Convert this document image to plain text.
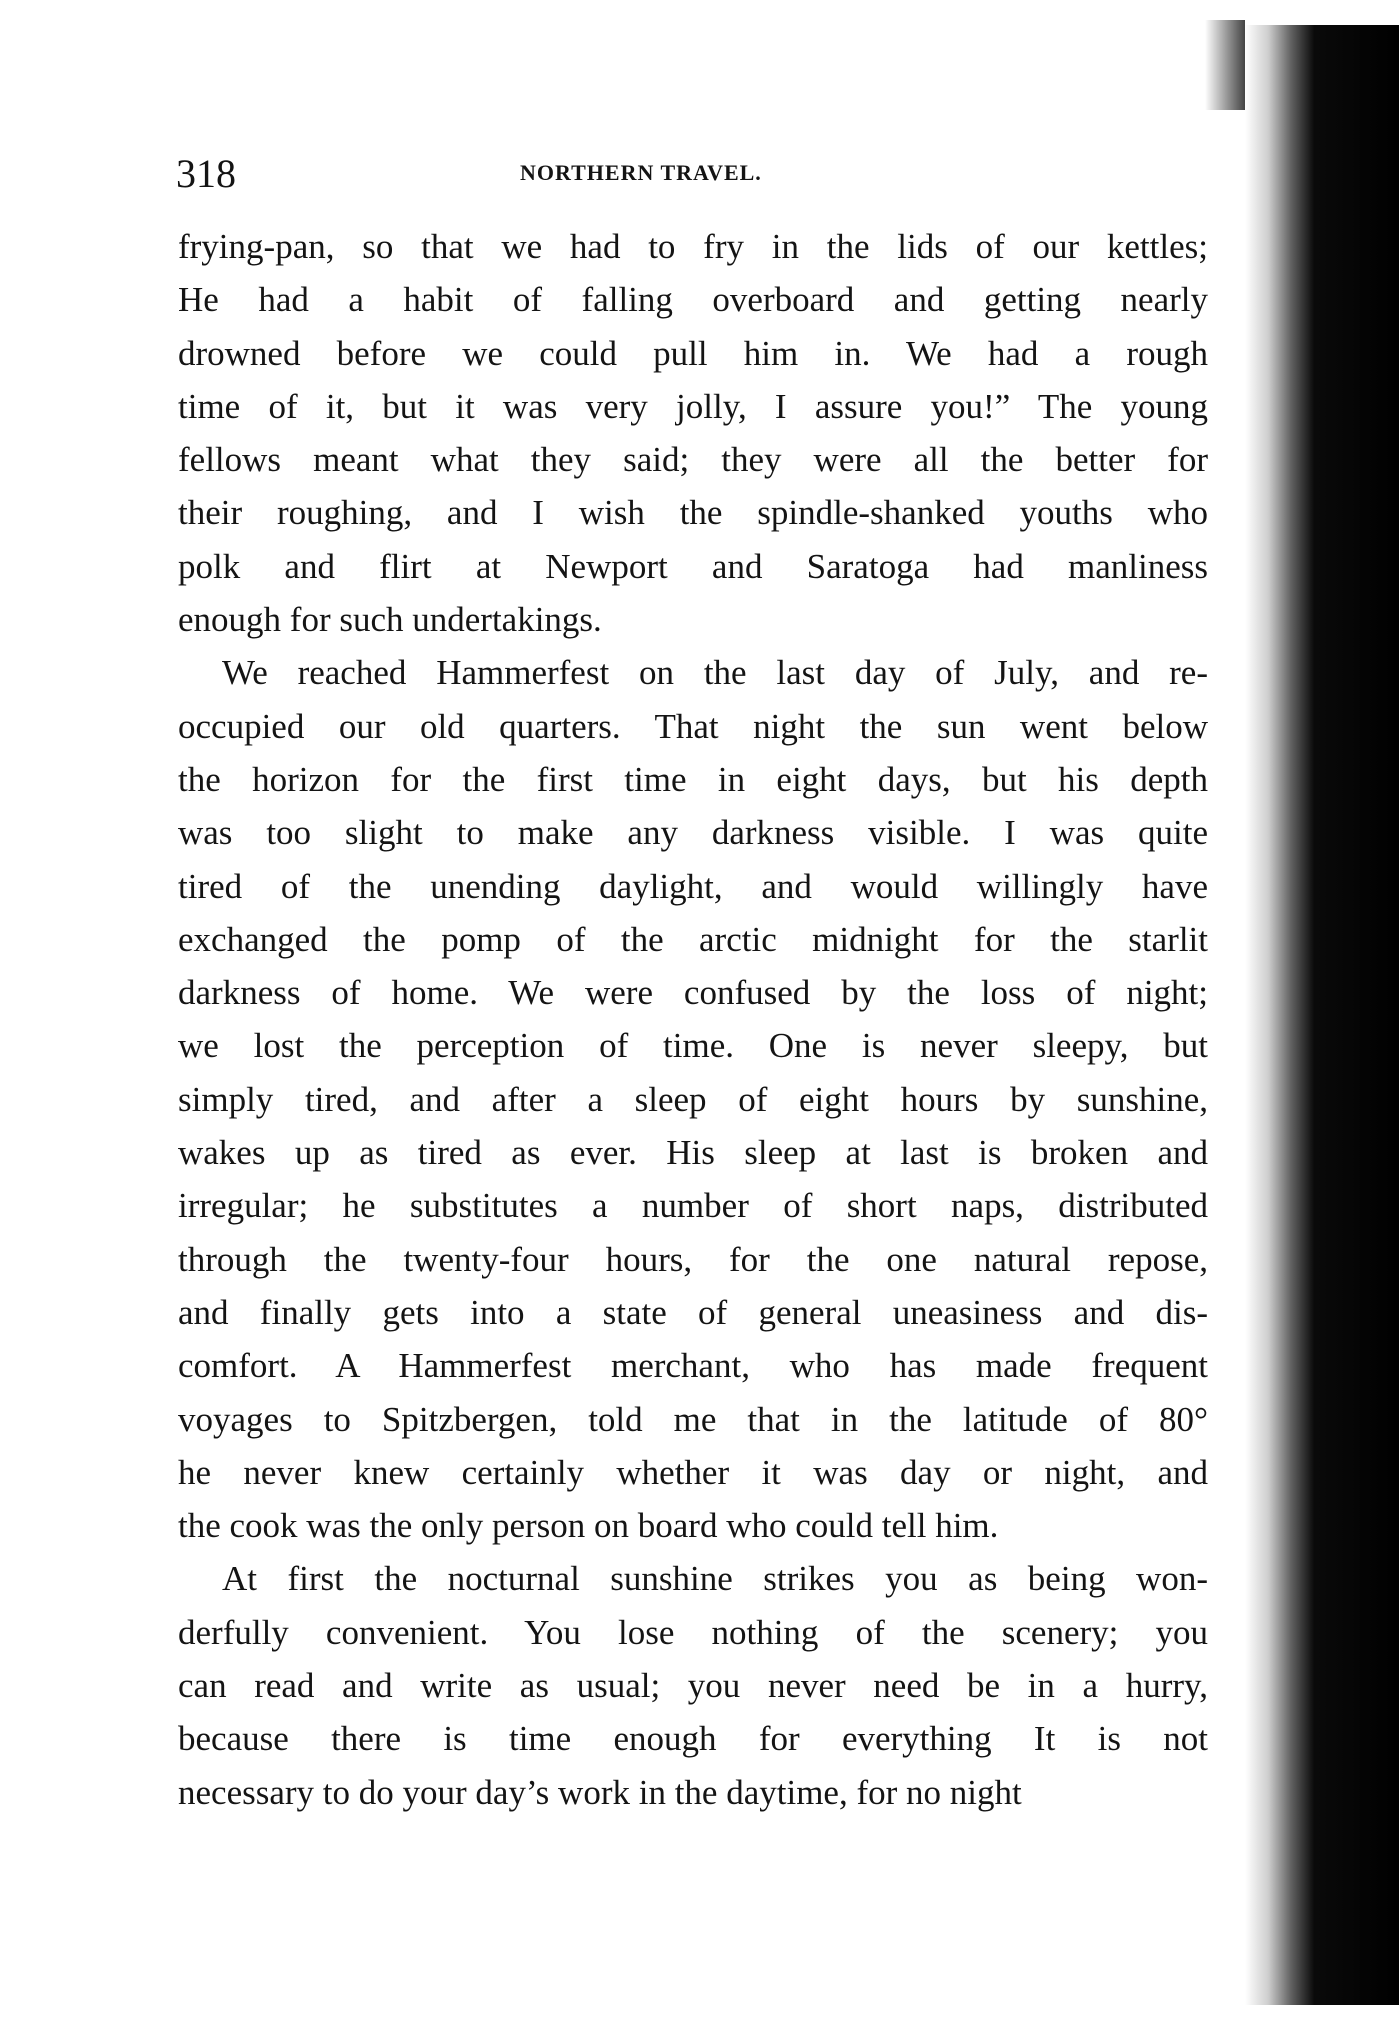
318	NORTHERN TRAVEL.
frying-pan, so that we had to fry in the lids of our kettles;
He had a habit of falling overboard and getting nearly
drowned before we could pull him in. We had a rough
time of it, but it was very jolly, I assure you!” The young
fellows meant what they said; they were all the better for
their roughing, and I wish the spindle-shanked youths who
polk and flirt at Newport and Saratoga had manliness
enough for such undertakings.
We reached Hammerfest on the last day of July, and re-
occupied our old quarters. That night the sun went below
the horizon for the first time in eight days, but his depth
was too slight to make any darkness visible. I was quite
tired of the unending daylight, and would willingly have
exchanged the pomp of the arctic midnight for the starlit
darkness of home. We were confused by the loss of night;
we lost the perception of time. One is never sleepy, but
simply tired, and after a sleep of eight hours by sunshine,
wakes up as tired as ever. His sleep at last is broken and
irregular; he substitutes a number of short naps, distributed
through the twenty-four hours, for the one natural repose,
and finally gets into a state of general uneasiness and dis-
comfort. A Hammerfest merchant, who has made frequent
voyages to Spitzbergen, told me that in the latitude of 80°
he never knew certainly whether it was day or night, and
the cook was the only person on board who could tell him.
At first the nocturnal sunshine strikes you as being won-
derfully convenient. You lose nothing of the scenery; you
can read and write as usual; you never need be in a hurry,
because there is time enough for everything It is not
necessary to do your day’s work in the daytime, for no night
